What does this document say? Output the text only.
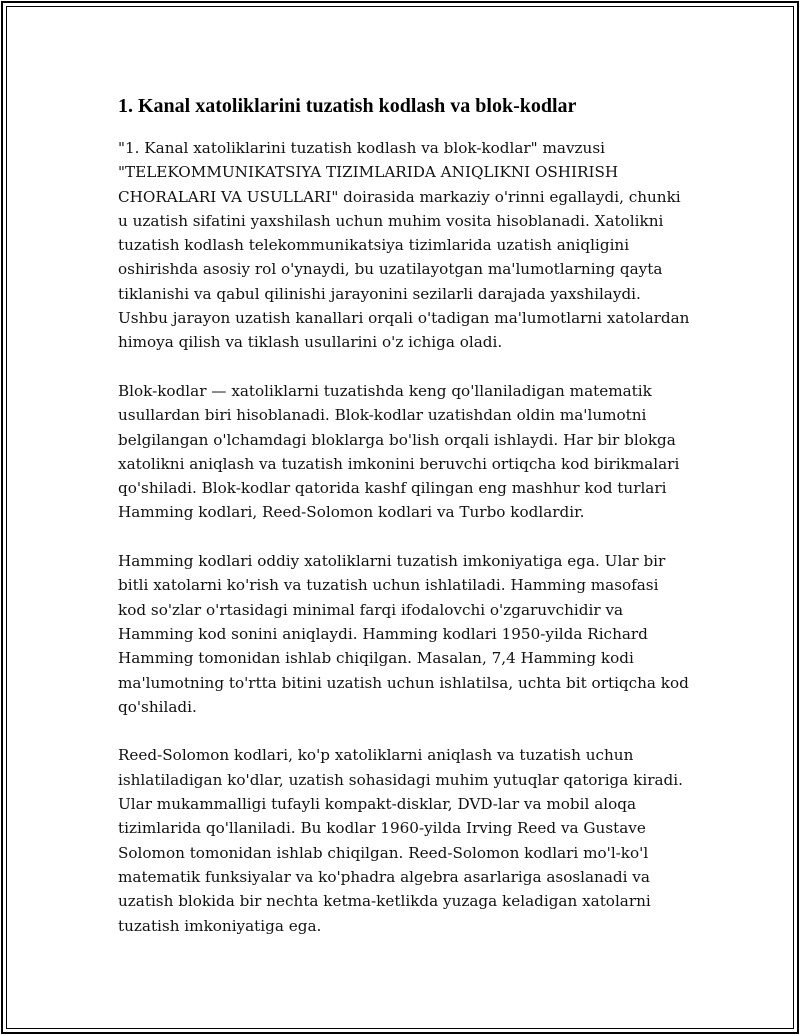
1. Kanal xatoliklarini tuzatish kodlash va blok-kodlar

"1. Kanal xatoliklarini tuzatish kodlash va blok-kodlar" mavzusi "TELEKOMMUNIKATSIYA TIZIMLARIDA ANIQLIKNI OSHIRISH CHORALARI VA USULLARI" doirasida markaziy o'rinni egallaydi, chunki u uzatish sifatini yaxshilash uchun muhim vosita hisoblanadi. Xatolikni tuzatish kodlash telekommunikatsiya tizimlarida uzatish aniqligini oshirishda asosiy rol o'ynaydi, bu uzatilayotgan ma'lumotlarning qayta tiklanishi va qabul qilinishi jarayonini sezilarli darajada yaxshilaydi. Ushbu jarayon uzatish kanallari orqali o'tadigan ma'lumotlarni xatolardan himoya qilish va tiklash usullarini o'z ichiga oladi.

Blok-kodlar — xatoliklarni tuzatishda keng qo'llaniladigan matematik usullardan biri hisoblanadi. Blok-kodlar uzatishdan oldin ma'lumotni belgilangan o'lchamdagi bloklarga bo'lish orqali ishlaydi. Har bir blokga xatolikni aniqlash va tuzatish imkonini beruvchi ortiqcha kod birikmalari qo'shiladi. Blok-kodlar qatorida kashf qilingan eng mashhur kod turlari Hamming kodlari, Reed-Solomon kodlari va Turbo kodlardir.

Hamming kodlari oddiy xatoliklarni tuzatish imkoniyatiga ega. Ular bir bitli xatolarni ko'rish va tuzatish uchun ishlatiladi. Hamming masofasi kod so'zlar o'rtasidagi minimal farqi ifodalovchi o'zgaruvchidir va Hamming kod sonini aniqlaydi. Hamming kodlari 1950-yilda Richard Hamming tomonidan ishlab chiqilgan. Masalan, 7,4 Hamming kodi ma'lumotning to'rtta bitini uzatish uchun ishlatilsa, uchta bit ortiqcha kod qo'shiladi.

Reed-Solomon kodlari, ko'p xatoliklarni aniqlash va tuzatish uchun ishlatiladigan ko'dlar, uzatish sohasidagi muhim yutuqlar qatoriga kiradi. Ular mukammalligi tufayli kompakt-disklar, DVD-lar va mobil aloqa tizimlarida qo'llaniladi. Bu kodlar 1960-yilda Irving Reed va Gustave Solomon tomonidan ishlab chiqilgan. Reed-Solomon kodlari mo'l-ko'l matematik funksiyalar va ko'phadra algebra asarlariga asoslanadi va uzatish blokida bir nechta ketma-ketlikda yuzaga keladigan xatolarni tuzatish imkoniyatiga ega.
